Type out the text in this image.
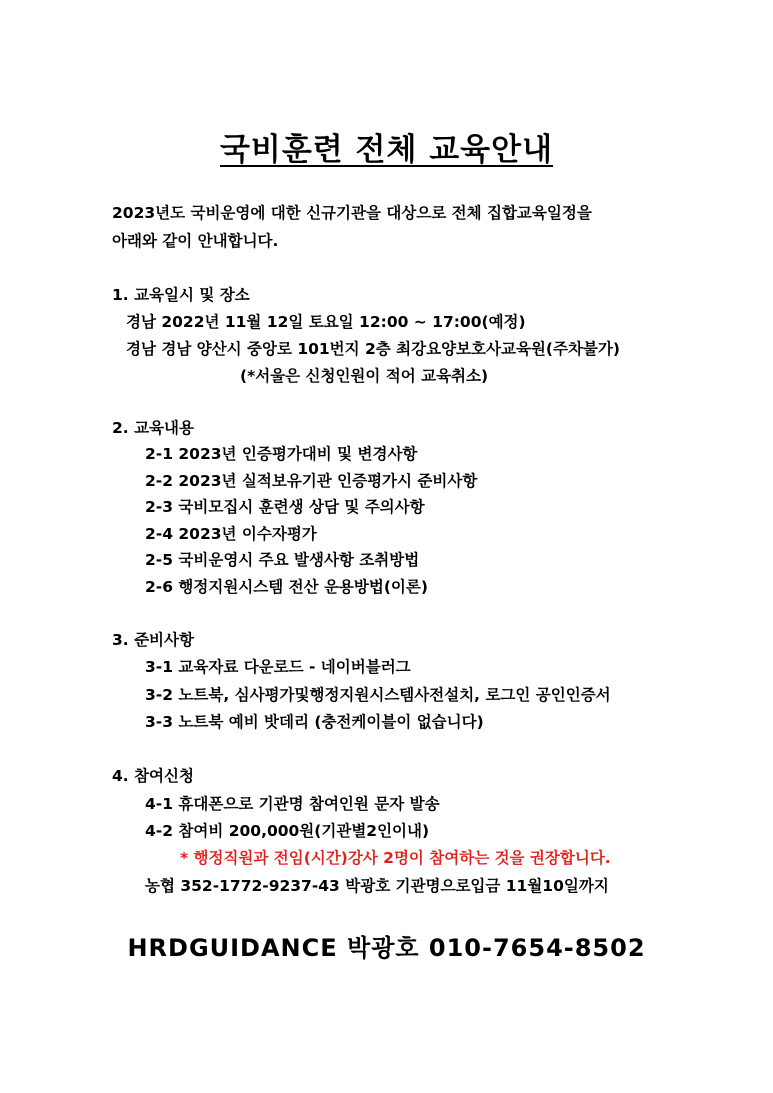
국비훈련 전체 교육안내
2023년도 국비운영에 대한 신규기관을 대상으로 전체 집합교육일정을
아래와 같이 안내합니다.
1. 교육일시 및 장소
경남 2022년 11월 12일 토요일 12:00 ~ 17:00(예정)
경남 경남 양산시 중앙로 101번지 2층 최강요양보호사교육원(주차불가)
(*서울은 신청인원이 적어 교육취소)
2. 교육내용
2-1 2023년 인증평가대비 및 변경사항
2-2 2023년 실적보유기관 인증평가시 준비사항
2-3 국비모집시 훈련생 상담 및 주의사항
2-4 2023년 이수자평가
2-5 국비운영시 주요 발생사항 조취방법
2-6 행정지원시스템 전산 운용방법(이론)
3. 준비사항
3-1 교육자료 다운로드 - 네이버블러그
3-2 노트북, 심사평가및행정지원시스템사전설치, 로그인 공인인증서
3-3 노트북 예비 밧데리 (충전케이블이 없습니다)
4. 참여신청
4-1 휴대폰으로 기관명 참여인원 문자 발송
4-2 참여비 200,000원(기관별2인이내)
* 행정직원과 전임(시간)강사 2명이 참여하는 것을 권장합니다.
농협 352-1772-9237-43 박광호 기관명으로입금 11월10일까지
HRDGUIDANCE 박광호 010-7654-8502
